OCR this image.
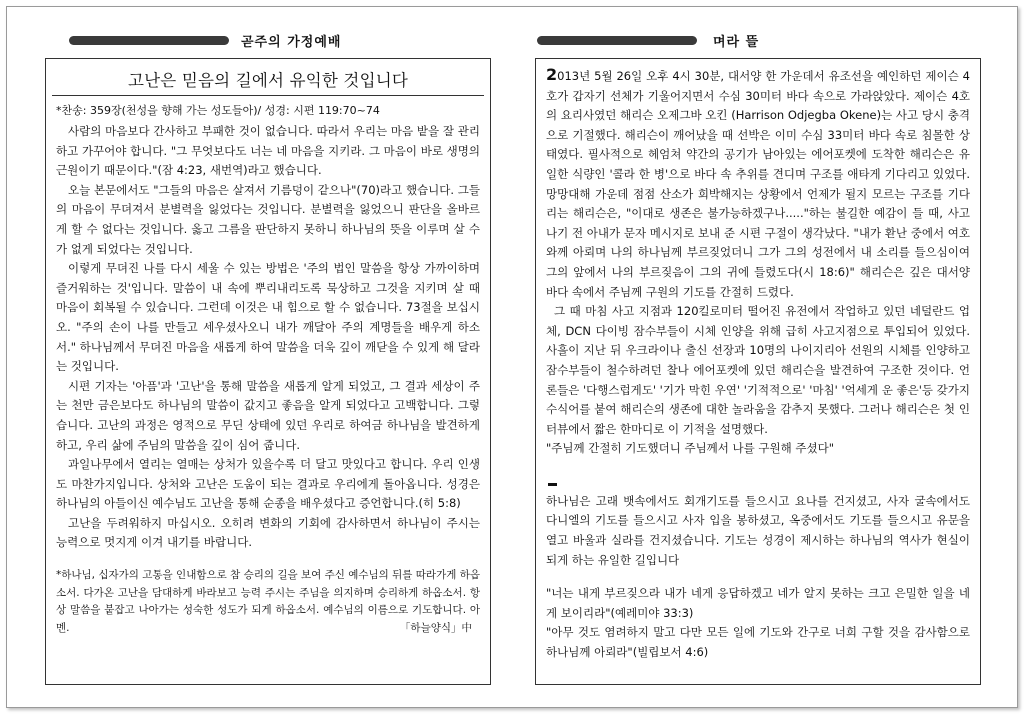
곧주의 가정예배	며라 뜰
고난은 믿음의 길에서 유익한 것입니다
*찬송: 359장(천성을 향해 가는 성도들아)/ 성경: 시편 119:70~74

사람의 마음보다 간사하고 부패한 것이 없습니다. 따라서 우리는 마음 밭을 잘 관리하고 가꾸어야 합니다. "그 무엇보다도 너는 네 마음을 지키라. 그 마음이 바로 생명의 근원이기 때문이다."(잠 4:23, 새번역)라고 했습니다.

오늘 본문에서도 "그들의 마음은 살져서 기름덩이 같으나"(70)라고 했습니다. 그들의 마음이 무뎌져서 분별력을 잃었다는 것입니다. 분별력을 잃었으니 판단을 올바르게 할 수 없다는 것입니다. 옳고 그름을 판단하지 못하니 하나님의 뜻을 이루며 살 수가 없게 되었다는 것입니다.

이렇게 무뎌진 나를 다시 세울 수 있는 방법은 '주의 법인 말씀을 항상 가까이하며 즐거워하는 것'입니다. 말씀이 내 속에 뿌리내리도록 묵상하고 그것을 지키며 살 때 마음이 회복될 수 있습니다. 그런데 이것은 내 힘으로 할 수 없습니다. 73절을 보십시오. "주의 손이 나를 만들고 세우셨사오니 내가 깨달아 주의 계명들을 배우게 하소서." 하나님께서 무뎌진 마음을 새롭게 하여 말씀을 더욱 깊이 깨닫을 수 있게 해 달라는 것입니다.

시편 기자는 '아픔'과 '고난'을 통해 말씀을 새롭게 알게 되었고, 그 결과 세상이 주는 천만 금은보다도 하나님의 말씀이 값지고 좋음을 알게 되었다고 고백합니다. 그렇습니다. 고난의 과정은 영적으로 무딘 상태에 있던 우리로 하여금 하나님을 발견하게 하고, 우리 삶에 주님의 말씀을 깊이 심어 줍니다.

과일나무에서 열리는 열매는 상처가 있을수록 더 달고 맛있다고 합니다. 우리 인생도 마찬가지입니다. 상처와 고난은 도움이 되는 결과로 우리에게 돌아옵니다. 성경은 하나님의 아들이신 예수님도 고난을 통해 순종을 배우셨다고 증언합니다.(히 5:8)

고난을 두려워하지 마십시오. 오히려 변화의 기회에 감사하면서 하나님이 주시는 능력으로 멋지게 이겨 내기를 바랍니다.

*하나님, 십자가의 고통을 인내함으로 참 승리의 길을 보여 주신 예수님의 뒤를 따라가게 하옵소서. 다가온 고난을 담대하게 바라보고 능력 주시는 주님을 의지하며 승리하게 하옵소서. 항상 말씀을 붙잡고 나아가는 성숙한 성도가 되게 하옵소서. 예수님의 이름으로 기도합니다. 아멘.	「하늘양식」中

2013년 5월 26일 오후 4시 30분, 대서양 한 가운데서 유조선을 예인하던 제이슨 4호가 갑자기 선체가 기울어지면서 수심 30미터 바다 속으로 가라앉았다. 제이슨 4호의 요리사였던 해리슨 오제그바 오킨 (Harrison Odjegba Okene)는 사고 당시 충격으로 기절했다. 해리슨이 깨어났을 때 선박은 이미 수심 33미터 바다 속로 침몰한 상태였다. 필사적으로 헤엄쳐 약간의 공기가 남아있는 에어포켓에 도착한 해리슨은 유일한 식량인 '콜라 한 병'으로 바다 속 추위를 견디며 구조를 애타게 기다리고 있었다. 망망대해 가운데 점점 산소가 희박해지는 상황에서 언제가 될지 모르는 구조를 기다리는 해리슨은, "이대로 생존은 불가능하겠구나....."하는 불길한 예감이 들 때, 사고 나기 전 아내가 문자 메시지로 보내 준 시편 구절이 생각났다. "내가 환난 중에서 여호와께 아뢰며 나의 하나님께 부르짖었더니 그가 그의 성전에서 내 소리를 들으심이여 그의 앞에서 나의 부르짖음이 그의 귀에 들렸도다(시 18:6)" 해리슨은 깊은 대서양 바다 속에서 주님께 구원의 기도를 간절히 드렸다.

그 때 마침 사고 지점과 120킬로미터 떨어진 유전에서 작업하고 있던 네덜란드 업체, DCN 다이빙 잠수부들이 시체 인양을 위해 급히 사고지점으로 투입되어 있었다. 사흘이 지난 뒤 우크라이나 출신 선장과 10명의 나이지리아 선원의 시체를 인양하고 잠수부들이 철수하려던 찰나 에어포켓에 있던 해리슨을 발견하여 구조한 것이다. 언론들은 '다행스럽게도' '기가 막힌 우연' '기적적으로' '마침' '억세게 운 좋은'등 갖가지 수식어를 붙여 해리슨의 생존에 대한 놀라움을 감추지 못했다. 그러나 해리슨은 첫 인터뷰에서 짧은 한마디로 이 기적을 설명했다.

"주님께 간절히 기도했더니 주님께서 나를 구원해 주셨다"

하나님은 고래 뱃속에서도 회개기도를 들으시고 요나를 건지셨고, 사자 굴속에서도 다니엘의 기도를 들으시고 사자 입을 봉하셨고, 옥중에서도 기도를 들으시고 유문을 열고 바울과 실라를 건지셨습니다. 기도는 성경이 제시하는 하나님의 역사가 현실이 되게 하는 유일한 길입니다

"너는 내게 부르짖으라 내가 네게 응답하겠고 네가 알지 못하는 크고 은밀한 일을 네게 보이리라"(예레미야 33:3)

"아무 것도 염려하지 말고 다만 모든 일에 기도와 간구로 너희 구할 것을 감사함으로 하나님께 아뢰라"(빌립보서 4:6)
